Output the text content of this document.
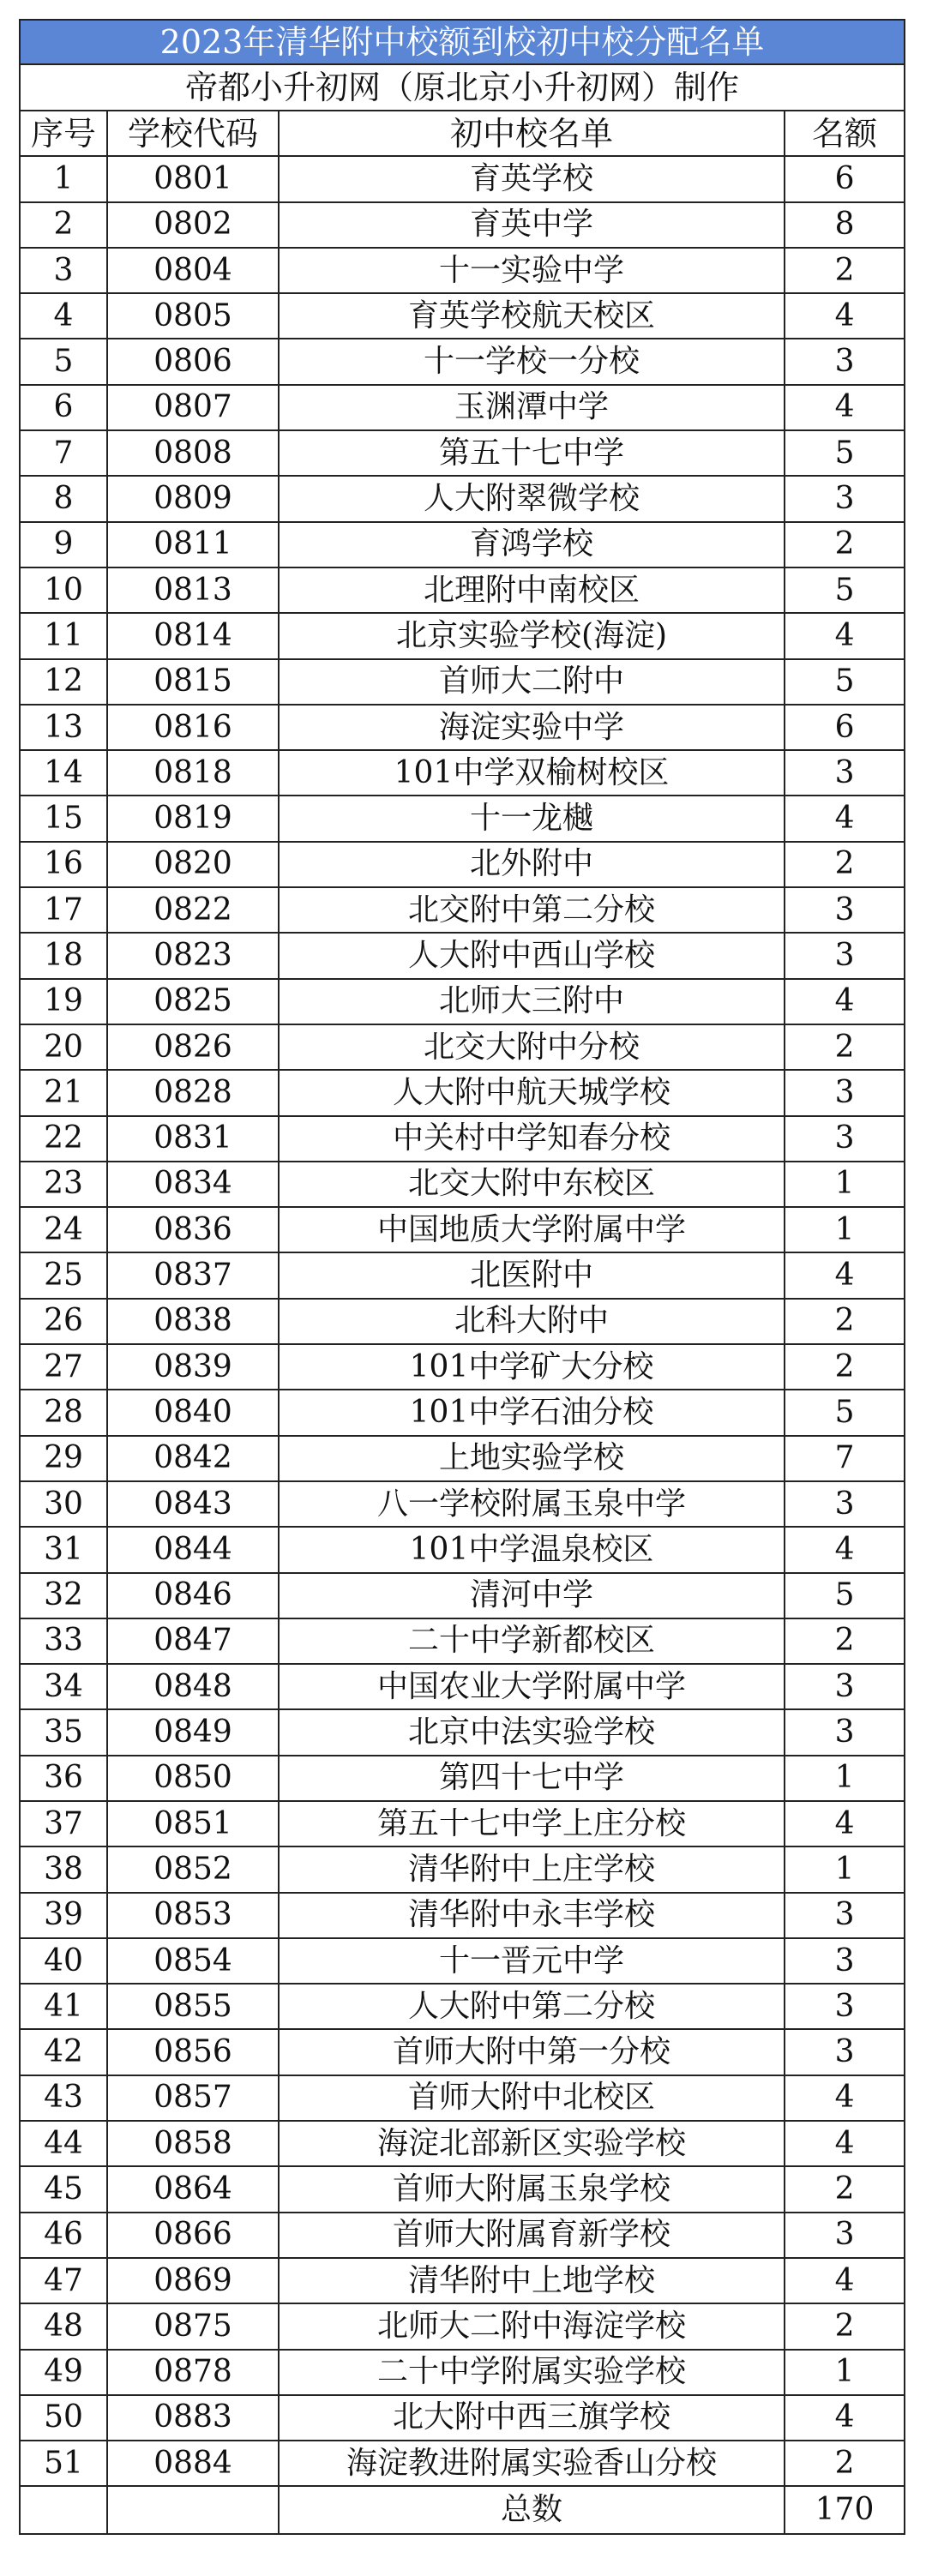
2023年清华附中校额到校初中校分配名单			
帝都小升初网（原北京小升初网）制作			
序号	学校代码	初中校名单	名额
1	0801	育英学校	6
2	0802	育英中学	8
3	0804	十一实验中学	2
4	0805	育英学校航天校区	4
5	0806	十一学校一分校	3
6	0807	玉渊潭中学	4
7	0808	第五十七中学	5
8	0809	人大附翠微学校	3
9	0811	育鸿学校	2
10	0813	北理附中南校区	5
11	0814	北京实验学校(海淀)	4
12	0815	首师大二附中	5
13	0816	海淀实验中学	6
14	0818	101中学双榆树校区	3
15	0819	十一龙樾	4
16	0820	北外附中	2
17	0822	北交附中第二分校	3
18	0823	人大附中西山学校	3
19	0825	北师大三附中	4
20	0826	北交大附中分校	2
21	0828	人大附中航天城学校	3
22	0831	中关村中学知春分校	3
23	0834	北交大附中东校区	1
24	0836	中国地质大学附属中学	1
25	0837	北医附中	4
26	0838	北科大附中	2
27	0839	101中学矿大分校	2
28	0840	101中学石油分校	5
29	0842	上地实验学校	7
30	0843	八一学校附属玉泉中学	3
31	0844	101中学温泉校区	4
32	0846	清河中学	5
33	0847	二十中学新都校区	2
34	0848	中国农业大学附属中学	3
35	0849	北京中法实验学校	3
36	0850	第四十七中学	1
37	0851	第五十七中学上庄分校	4
38	0852	清华附中上庄学校	1
39	0853	清华附中永丰学校	3
40	0854	十一晋元中学	3
41	0855	人大附中第二分校	3
42	0856	首师大附中第一分校	3
43	0857	首师大附中北校区	4
44	0858	海淀北部新区实验学校	4
45	0864	首师大附属玉泉学校	2
46	0866	首师大附属育新学校	3
47	0869	清华附中上地学校	4
48	0875	北师大二附中海淀学校	2
49	0878	二十中学附属实验学校	1
50	0883	北大附中西三旗学校	4
51	0884	海淀教进附属实验香山分校	2
		总数	170
